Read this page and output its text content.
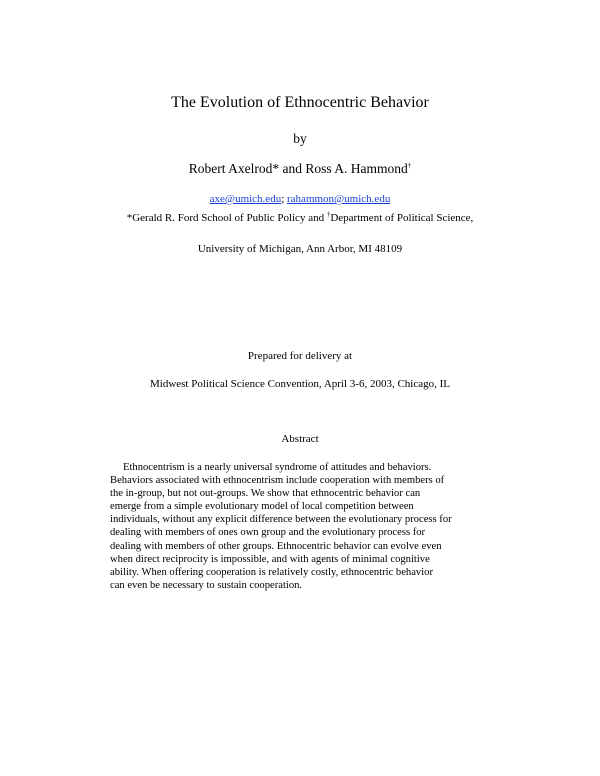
The Evolution of Ethnocentric Behavior
by
Robert Axelrod* and Ross A. Hammond†
axe@umich.edu; rahammon@umich.edu
*Gerald R. Ford School of Public Policy and †Department of Political Science,
University of Michigan, Ann Arbor, MI 48109
Prepared for delivery at
Midwest Political Science Convention, April 3-6, 2003, Chicago, IL
Abstract
Ethnocentrism is a nearly universal syndrome of attitudes and behaviors.
Behaviors associated with ethnocentrism include cooperation with members of
the in-group, but not out-groups. We show that ethnocentric behavior can
emerge from a simple evolutionary model of local competition between
individuals, without any explicit difference between the evolutionary process for
dealing with members of ones own group and the evolutionary process for
dealing with members of other groups. Ethnocentric behavior can evolve even
when direct reciprocity is impossible, and with agents of minimal cognitive
ability. When offering cooperation is relatively costly, ethnocentric behavior
can even be necessary to sustain cooperation.
